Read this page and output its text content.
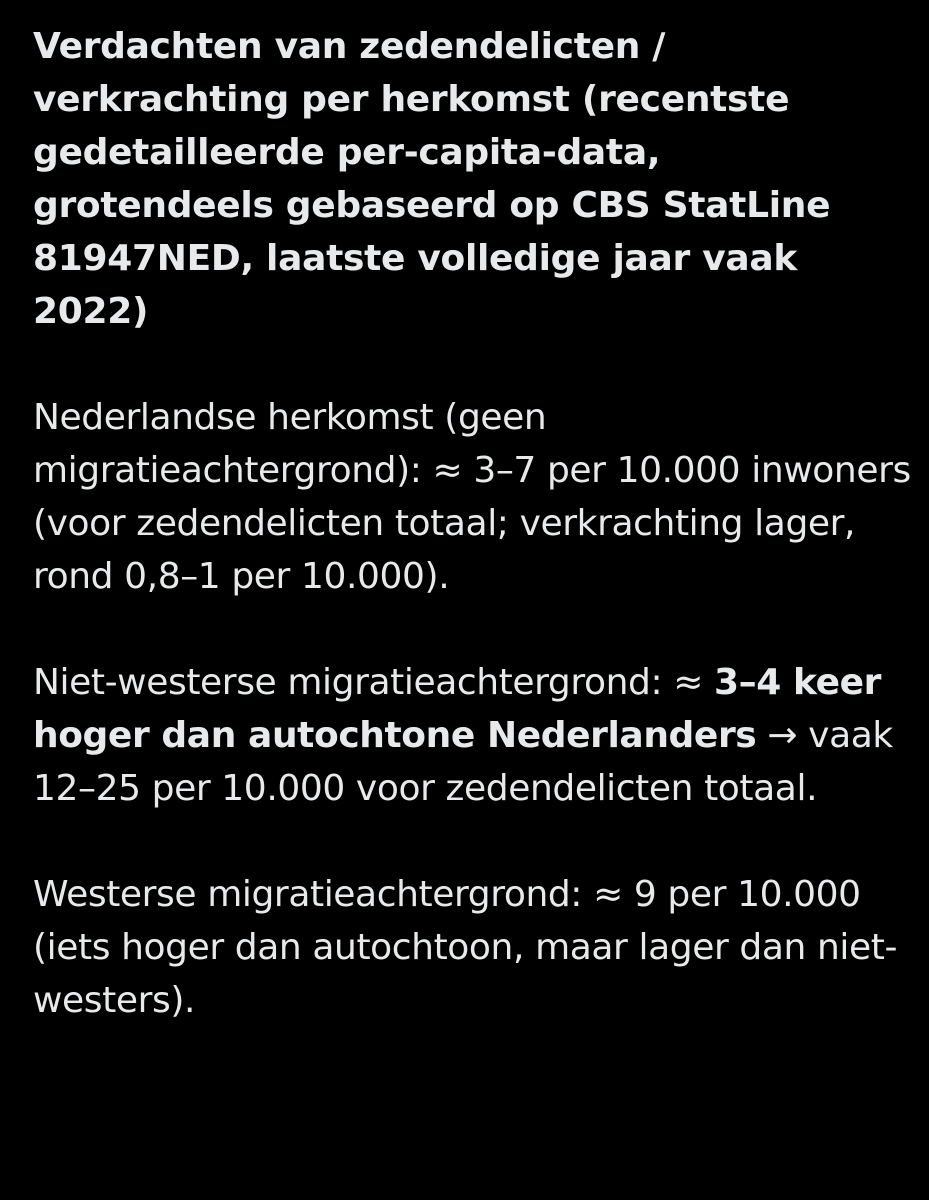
Verdachten van zedendelicten / verkrachting per herkomst (recentste gedetailleerde per-capita-data, grotendeels gebaseerd op CBS StatLine 81947NED, laatste volledige jaar vaak 2022)

Nederlandse herkomst (geen migratieachtergrond): ≈ 3–7 per 10.000 inwoners (voor zedendelicten totaal; verkrachting lager, rond 0,8–1 per 10.000).

Niet-westerse migratieachtergrond: ≈ 3–4 keer hoger dan autochtone Nederlanders → vaak 12–25 per 10.000 voor zedendelicten totaal.

Westerse migratieachtergrond: ≈ 9 per 10.000 (iets hoger dan autochtoon, maar lager dan niet-westers).
